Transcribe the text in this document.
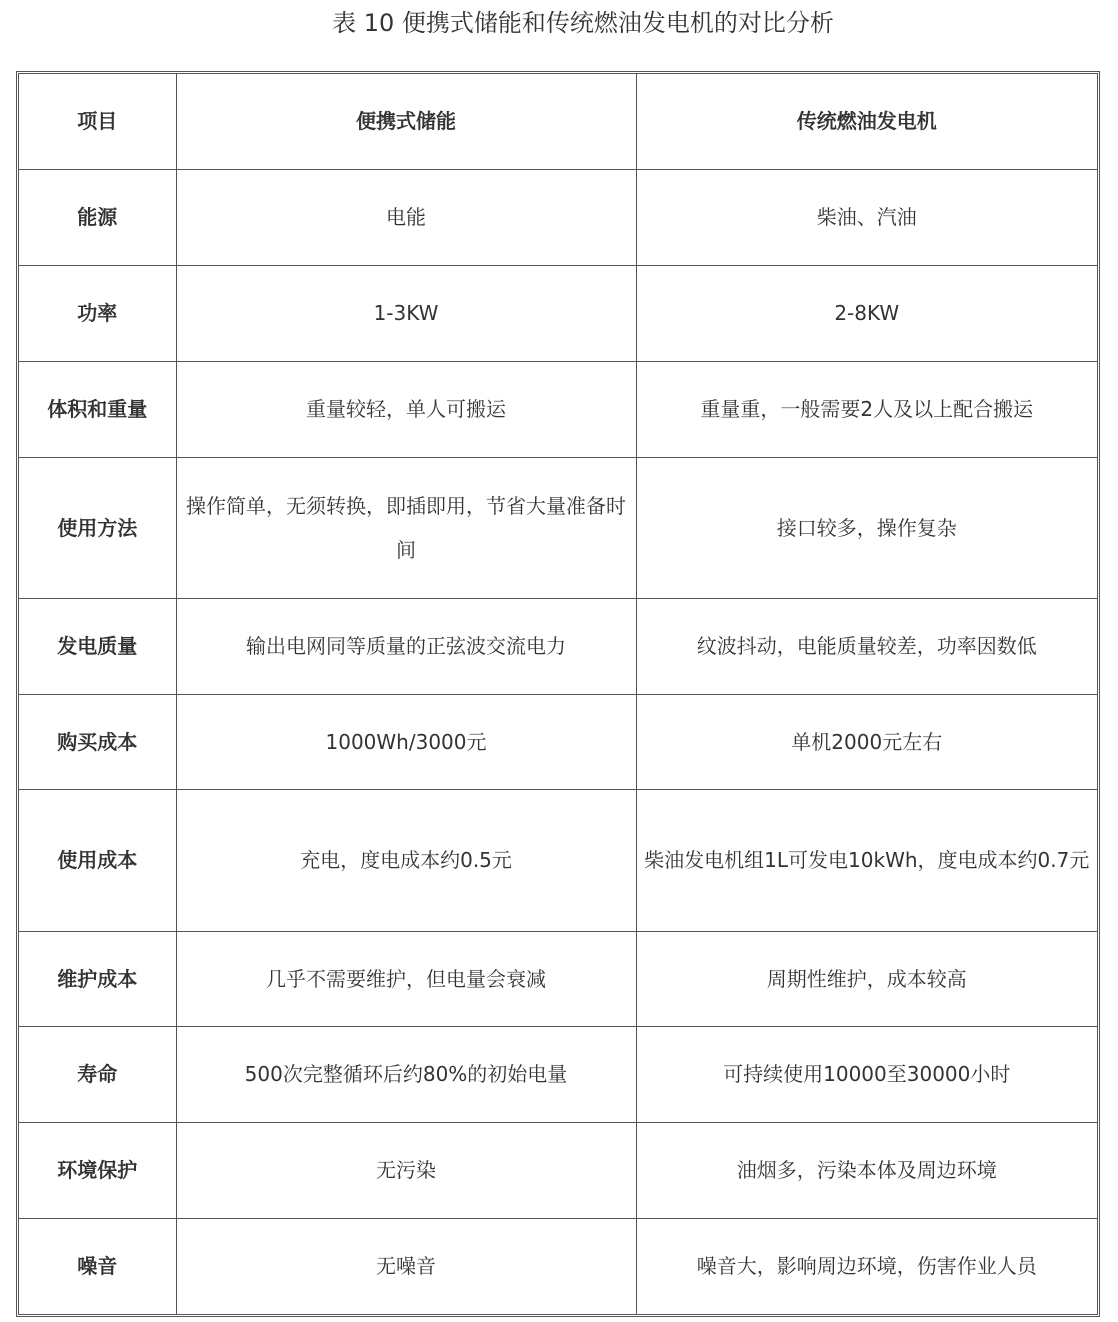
表 10 便携式储能和传统燃油发电机的对比分析
项目	便携式储能	传统燃油发电机
能源	电能	柴油、汽油
功率	1-3KW	2-8KW
体积和重量	重量较轻，单人可搬运	重量重，一般需要2人及以上配合搬运
使用方法	操作简单，无须转换，即插即用，节省大量准备时间	接口较多，操作复杂
发电质量	输出电网同等质量的正弦波交流电力	纹波抖动，电能质量较差，功率因数低
购买成本	1000Wh/3000元	单机2000元左右
使用成本	充电，度电成本约0.5元	柴油发电机组1L可发电10kWh，度电成本约0.7元
维护成本	几乎不需要维护，但电量会衰减	周期性维护，成本较高
寿命	500次完整循环后约80%的初始电量	可持续使用10000至30000小时
环境保护	无污染	油烟多，污染本体及周边环境
噪音	无噪音	噪音大，影响周边环境，伤害作业人员
